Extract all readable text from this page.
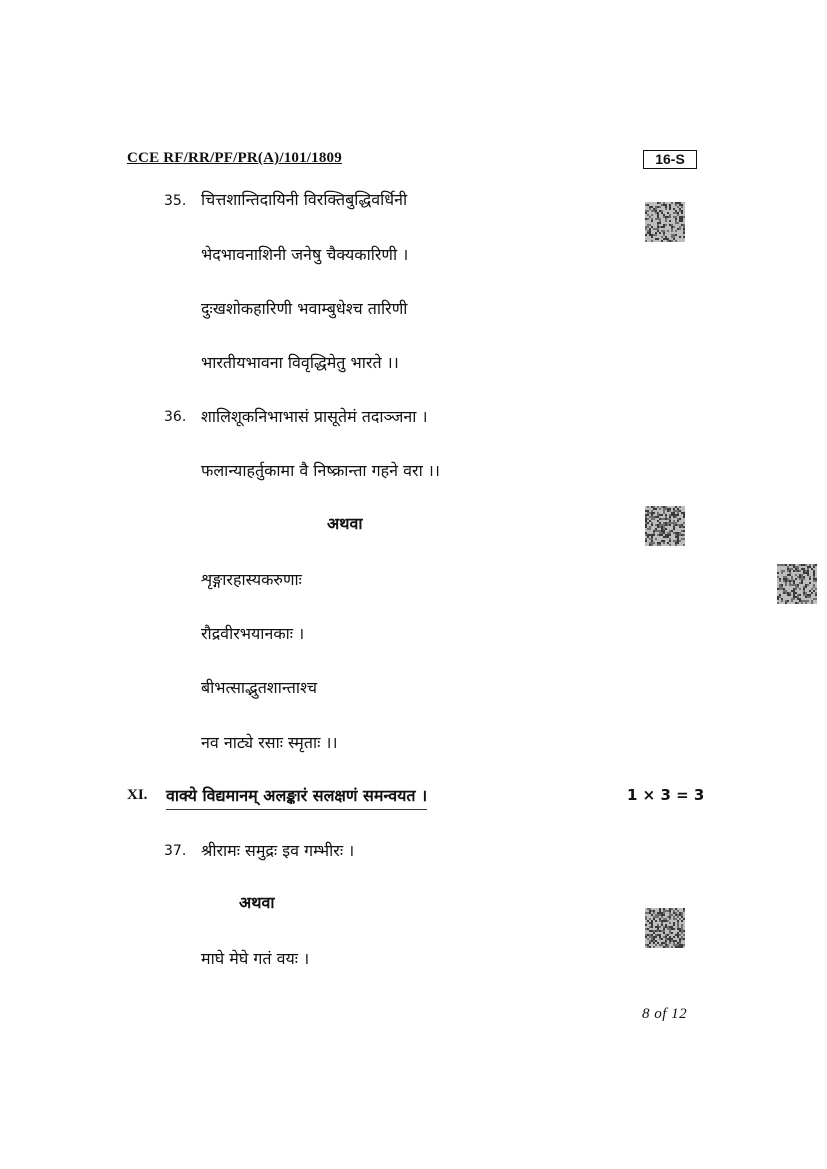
CCE RF/RR/PF/PR(A)/101/1809	16-S
35. चित्तशान्तिदायिनी विरक्तिबुद्धिवर्धिनी
भेदभावनाशिनी जनेषु चैक्यकारिणी ।
दुःखशोकहारिणी भवाम्बुधेश्च तारिणी
भारतीयभावना विवृद्धिमेतु भारते ।।
36. शालिशूकनिभाभासं प्रासूतेमं तदाञ्जना ।
फलान्याहर्तुकामा वै निष्क्रान्ता गहने वरा ।।
अथवा
शृङ्गारहास्यकरुणाः
रौद्रवीरभयानकाः ।
बीभत्साद्भुतशान्ताश्च
नव नाट्ये रसाः स्मृताः ।।
XI. वाक्ये विद्यमानम् अलङ्कारं सलक्षणं समन्वयत ।	1 × 3 = 3
37. श्रीरामः समुद्रः इव गम्भीरः ।
अथवा
माघे मेघे गतं वयः ।
8 of 12
